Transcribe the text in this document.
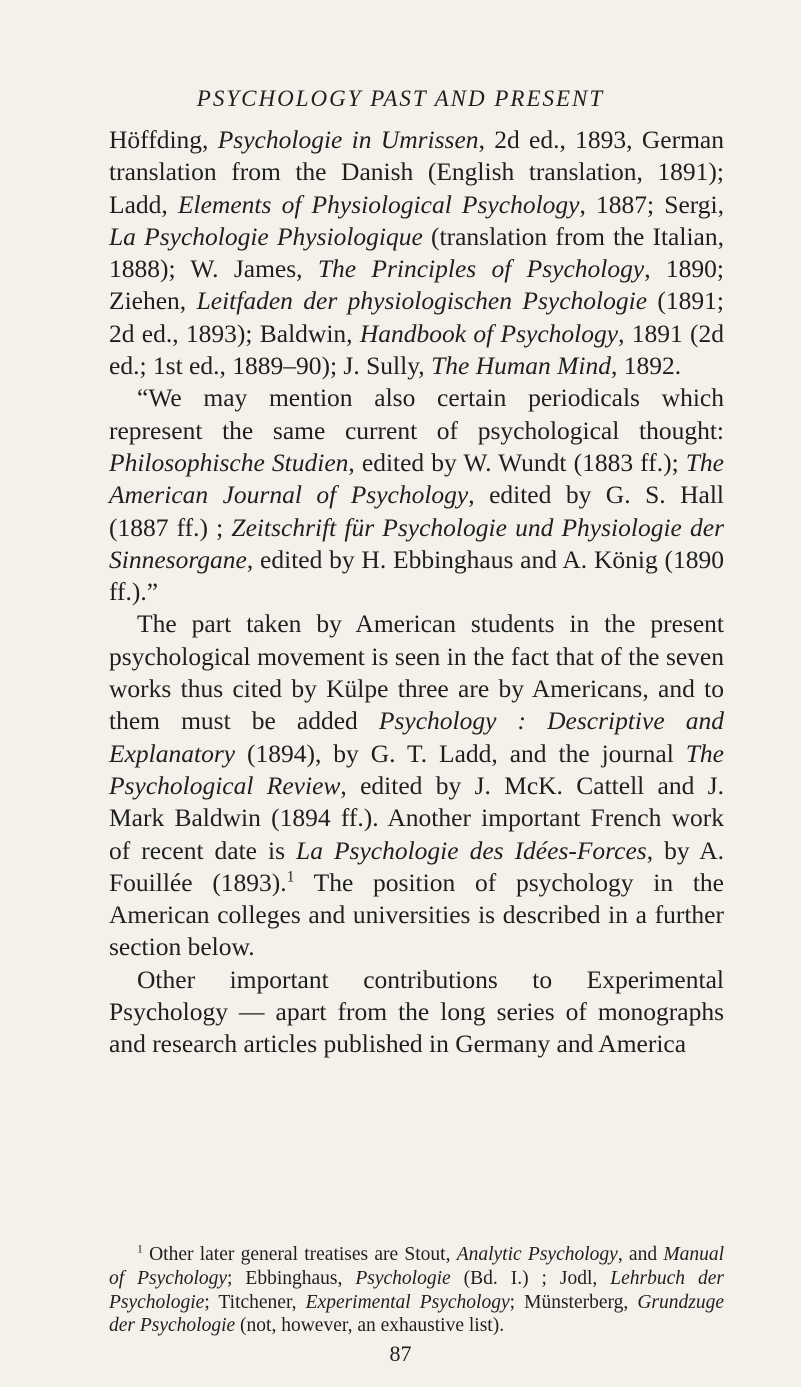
PSYCHOLOGY PAST AND PRESENT

Höffding, Psychologie in Umrissen, 2d ed., 1893, German translation from the Danish (English translation, 1891); Ladd, Elements of Physiological Psychology, 1887; Sergi, La Psychologie Physiologique (translation from the Italian, 1888); W. James, The Principles of Psychology, 1890; Ziehen, Leitfaden der physiologischen Psychologie (1891; 2d ed., 1893); Baldwin, Handbook of Psychology, 1891 (2d ed.; 1st ed., 1889–90); J. Sully, The Human Mind, 1892.

“We may mention also certain periodicals which represent the same current of psychological thought: Philosophische Studien, edited by W. Wundt (1883 ff.); The American Journal of Psychology, edited by G. S. Hall (1887 ff.) ; Zeitschrift für Psychologie und Physiologie der Sinnesorgane, edited by H. Ebbinghaus and A. König (1890 ff.).”

The part taken by American students in the present psychological movement is seen in the fact that of the seven works thus cited by Külpe three are by Americans, and to them must be added Psychology : Descriptive and Explanatory (1894), by G. T. Ladd, and the journal The Psychological Review, edited by J. McK. Cattell and J. Mark Baldwin (1894 ff.). Another important French work of recent date is La Psychologie des Idées-Forces, by A. Fouillée (1893).$^1$ The position of psychology in the American colleges and universities is described in a further section below.

Other important contributions to Experimental Psychology — apart from the long series of monographs and research articles published in Germany and America

$^1$ Other later general treatises are Stout, Analytic Psychology, and Manual of Psychology; Ebbinghaus, Psychologie (Bd. I.) ; Jodl, Lehrbuch der Psychologie; Titchener, Experimental Psychology; Münsterberg, Grundzuge der Psychologie (not, however, an exhaustive list).

87
